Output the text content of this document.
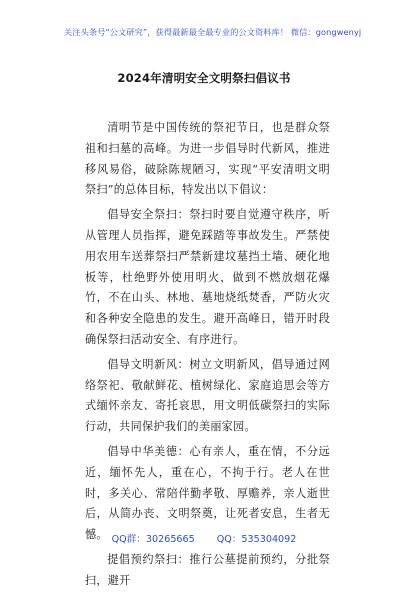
关注头条号“公文研究”，获得最新最全最专业的公文资料库！ 微信：gongwenyj
2024年清明安全文明祭扫倡议书

清明节是中国传统的祭祀节日，也是群众祭祖和扫墓的高峰。为进一步倡导时代新风，推进移风易俗，破除陈规陋习，实现“平安清明文明祭扫”的总体目标，特发出以下倡议：

倡导安全祭扫：祭扫时要自觉遵守秩序，听从管理人员指挥，避免踩踏等事故发生。严禁使用农用车送葬祭扫严禁新建坟墓挡土墙、硬化地板等，杜绝野外使用明火，做到不燃放烟花爆竹，不在山头、林地、墓地烧纸焚香，严防火灾和各种安全隐患的发生。避开高峰日，错开时段确保祭扫活动安全、有序进行。

倡导文明新风：树立文明新风，倡导通过网络祭祀、敬献鲜花、植树绿化、家庭追思会等方式缅怀亲友、寄托哀思，用文明低碳祭扫的实际行动，共同保护我们的美丽家园。

倡导中华美德：心有亲人，重在情，不分远近，缅怀先人，重在心，不拘于行。老人在世时，多关心、常陪伴勤孝敬、厚赡养，亲人逝世后，从简办丧、文明祭奠，让死者安息，生者无憾。

提倡预约祭扫：推行公墓提前预约，分批祭扫，避开

QQ群：30265665 QQ：535304092
